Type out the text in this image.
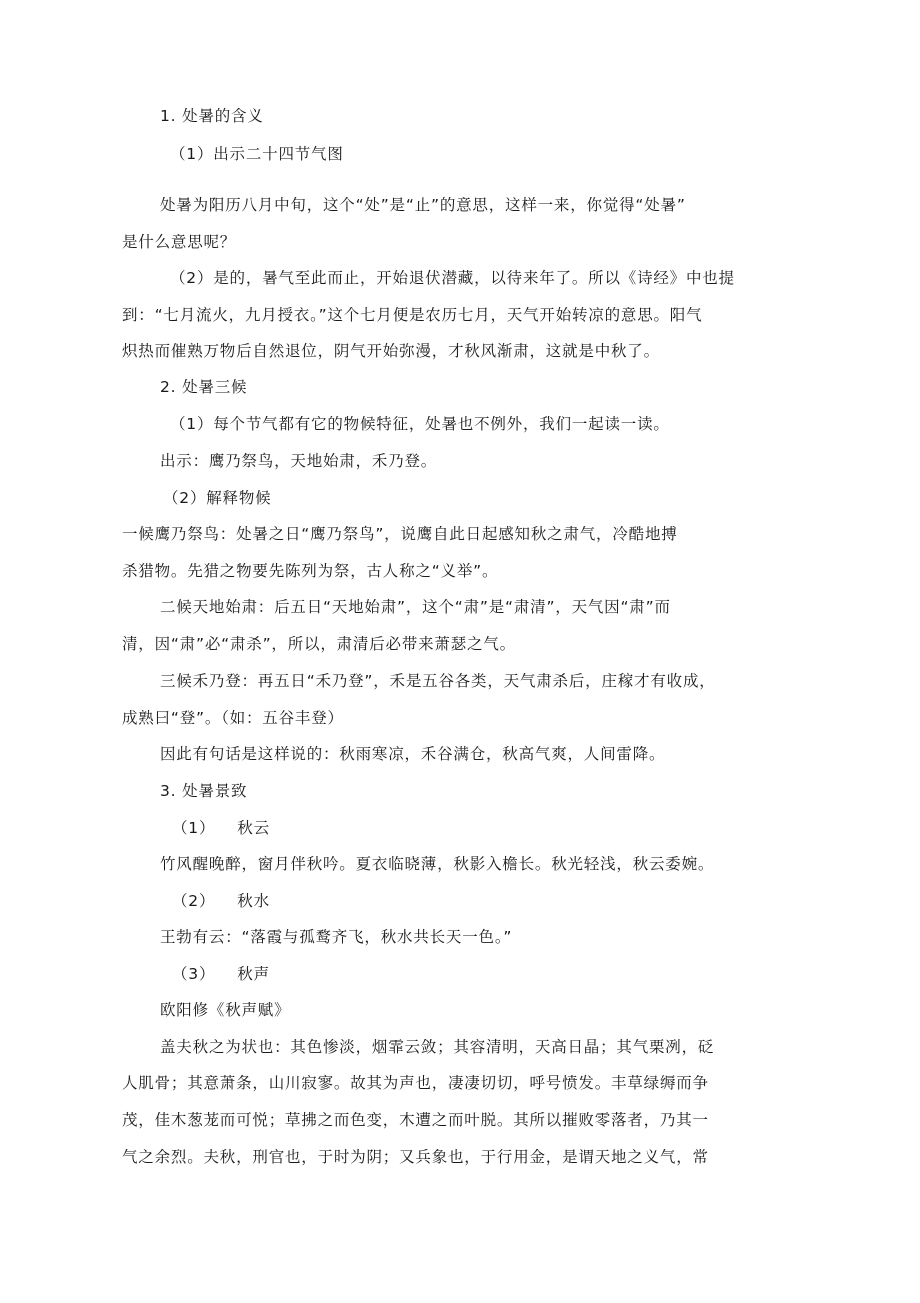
1. 处暑的含义
（1）出示二十四节气图
处暑为阳历八月中旬，这个“处”是“止”的意思，这样一来，你觉得“处暑”
是什么意思呢？
（2）是的，暑气至此而止，开始退伏潜藏，以待来年了。所以《诗经》中也提
到：“七月流火，九月授衣。”这个七月便是农历七月，天气开始转凉的意思。阳气
炽热而催熟万物后自然退位，阴气开始弥漫，才秋风渐肃，这就是中秋了。
2. 处暑三候
（1）每个节气都有它的物候特征，处暑也不例外，我们一起读一读。
出示：鹰乃祭鸟，天地始肃，禾乃登。
（2）解释物候
一候鹰乃祭鸟：处暑之日“鹰乃祭鸟”，说鹰自此日起感知秋之肃气，冷酷地搏
杀猎物。先猎之物要先陈列为祭，古人称之“义举”。
二候天地始肃：后五日“天地始肃”，这个“肃”是“肃清”，天气因“肃”而
清，因“肃”必“肃杀”，所以，肃清后必带来萧瑟之气。
三候禾乃登：再五日“禾乃登”，禾是五谷各类，天气肃杀后，庄稼才有收成，
成熟曰“登”。（如：五谷丰登）
因此有句话是这样说的：秋雨寒凉，禾谷满仓，秋高气爽，人间雷降。
3. 处暑景致
（1） 秋云
竹风醒晚醉，窗月伴秋吟。夏衣临晓薄，秋影入檐长。秋光轻浅，秋云委婉。
（2） 秋水
王勃有云：“落霞与孤鹜齐飞，秋水共长天一色。”
（3） 秋声
欧阳修《秋声赋》
盖夫秋之为状也：其色惨淡，烟霏云敛；其容清明，天高日晶；其气栗冽，砭
人肌骨；其意萧条，山川寂寥。故其为声也，凄凄切切，呼号愤发。丰草绿缛而争
茂，佳木葱茏而可悦；草拂之而色变，木遭之而叶脱。其所以摧败零落者，乃其一
气之余烈。夫秋，刑官也，于时为阴；又兵象也，于行用金，是谓天地之义气，常
